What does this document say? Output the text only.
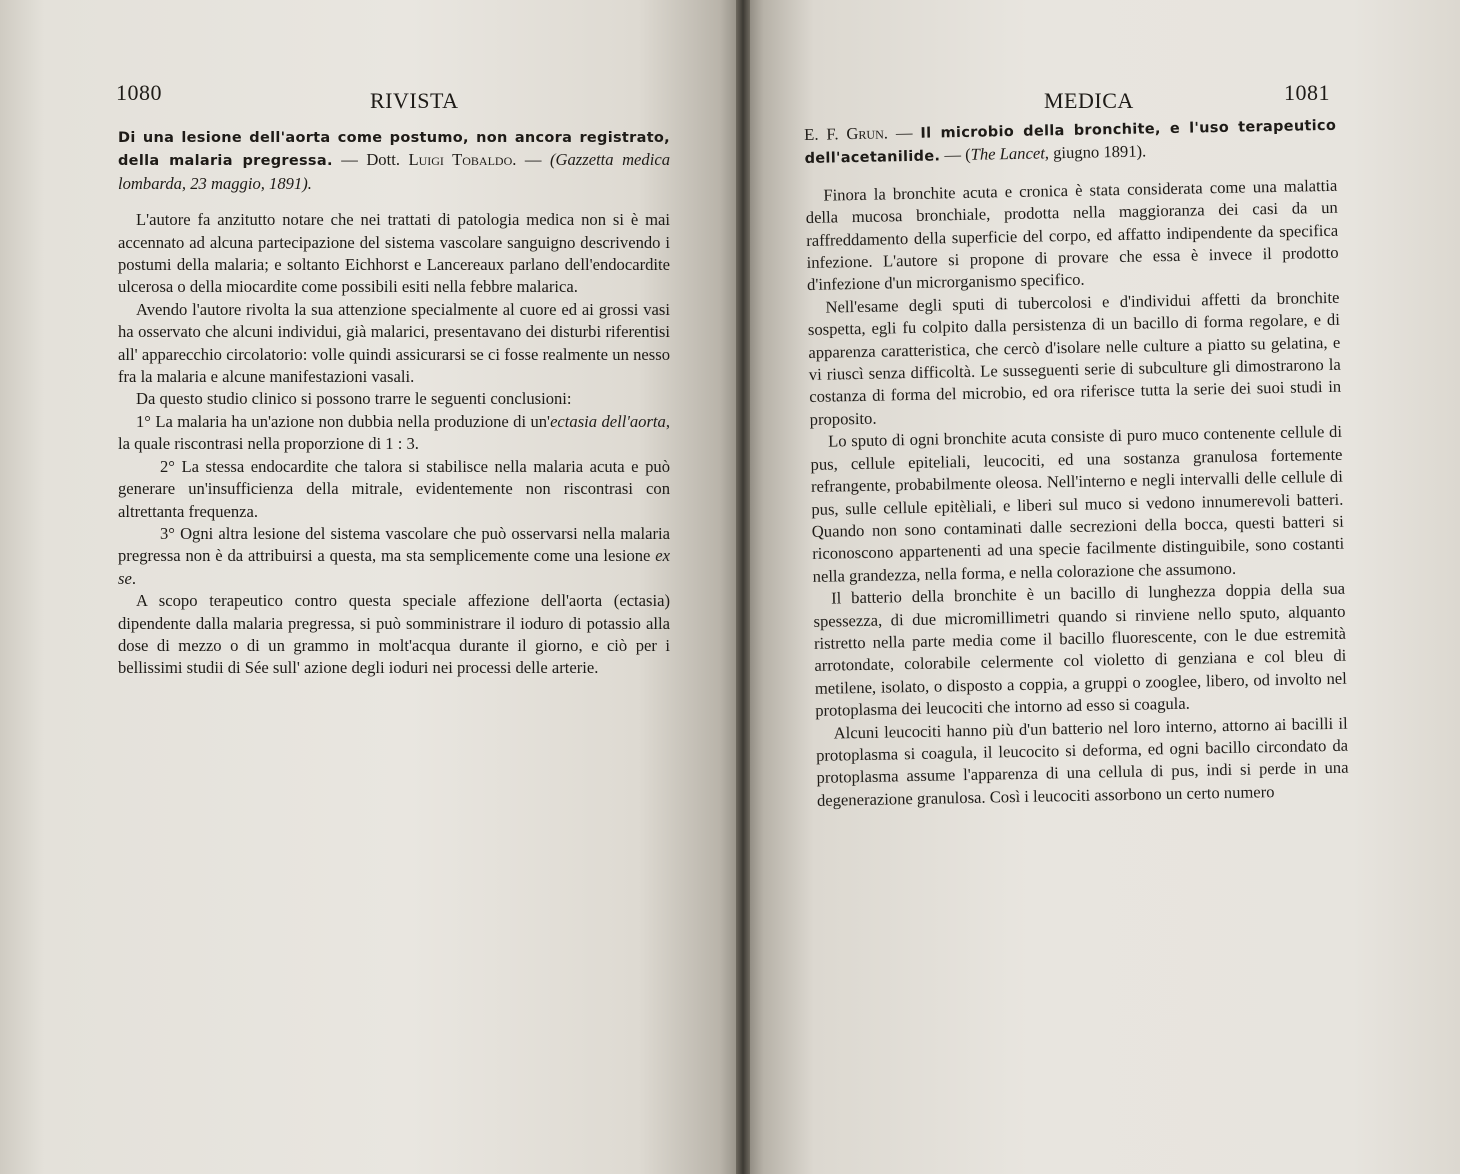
1080	RIVISTA
Di una lesione dell'aorta come postumo, non ancora registrato, della malaria pregressa. — Dott. Luigi Tobaldo. — (Gazzetta medica lombarda, 23 maggio, 1891).

L'autore fa anzitutto notare che nei trattati di patologia medica non si è mai accennato ad alcuna partecipazione del sistema vascolare sanguigno descrivendo i postumi della malaria; e soltanto Eichhorst e Lancereaux parlano dell'endocardite ulcerosa o della miocardite come possibili esiti nella febbre malarica.

Avendo l'autore rivolta la sua attenzione specialmente al cuore ed ai grossi vasi ha osservato che alcuni individui, già malarici, presentavano dei disturbi riferentisi all' apparecchio circolatorio: volle quindi assicurarsi se ci fosse realmente un nesso fra la malaria e alcune manifestazioni vasali.

Da questo studio clinico si possono trarre le seguenti conclusioni:

1° La malaria ha un'azione non dubbia nella produzione di un'ectasia dell'aorta, la quale riscontrasi nella proporzione di 1 : 3.

2° La stessa endocardite che talora si stabilisce nella malaria acuta e può generare un'insufficienza della mitrale, evidentemente non riscontrasi con altrettanta frequenza.

3° Ogni altra lesione del sistema vascolare che può osservarsi nella malaria pregressa non è da attribuirsi a questa, ma sta semplicemente come una lesione ex se.

A scopo terapeutico contro questa speciale affezione dell'aorta (ectasia) dipendente dalla malaria pregressa, si può somministrare il ioduro di potassio alla dose di mezzo o di un grammo in molt'acqua durante il giorno, e ciò per i bellissimi studii di Sée sull' azione degli ioduri nei processi delle arterie.

MEDICA	1081
E. F. Grun. — Il microbio della bronchite, e l'uso terapeutico dell'acetanilide. — (The Lancet, giugno 1891).

Finora la bronchite acuta e cronica è stata considerata come una malattia della mucosa bronchiale, prodotta nella maggioranza dei casi da un raffreddamento della superficie del corpo, ed affatto indipendente da specifica infezione. L'autore si propone di provare che essa è invece il prodotto d'infezione d'un microrganismo specifico.

Nell'esame degli sputi di tubercolosi e d'individui affetti da bronchite sospetta, egli fu colpito dalla persistenza di un bacillo di forma regolare, e di apparenza caratteristica, che cercò d'isolare nelle culture a piatto su gelatina, e vi riuscì senza difficoltà. Le susseguenti serie di subculture gli dimostrarono la costanza di forma del microbio, ed ora riferisce tutta la serie dei suoi studi in proposito.

Lo sputo di ogni bronchite acuta consiste di puro muco contenente cellule di pus, cellule epiteliali, leucociti, ed una sostanza granulosa fortemente refrangente, probabilmente oleosa. Nell'interno e negli intervalli delle cellule di pus, sulle cellule epitèliali, e liberi sul muco si vedono innumerevoli batteri. Quando non sono contaminati dalle secrezioni della bocca, questi batteri si riconoscono appartenenti ad una specie facilmente distinguibile, sono costanti nella grandezza, nella forma, e nella colorazione che assumono.

Il batterio della bronchite è un bacillo di lunghezza doppia della sua spessezza, di due micromillimetri quando si rinviene nello sputo, alquanto ristretto nella parte media come il bacillo fluorescente, con le due estremità arrotondate, colorabile celermente col violetto di genziana e col bleu di metilene, isolato, o disposto a coppia, a gruppi o zooglee, libero, od involto nel protoplasma dei leucociti che intorno ad esso si coagula.

Alcuni leucociti hanno più d'un batterio nel loro interno, attorno ai bacilli il protoplasma si coagula, il leucocito si deforma, ed ogni bacillo circondato da protoplasma assume l'apparenza di una cellula di pus, indi si perde in una degenerazione granulosa. Così i leucociti assorbono un certo numero
